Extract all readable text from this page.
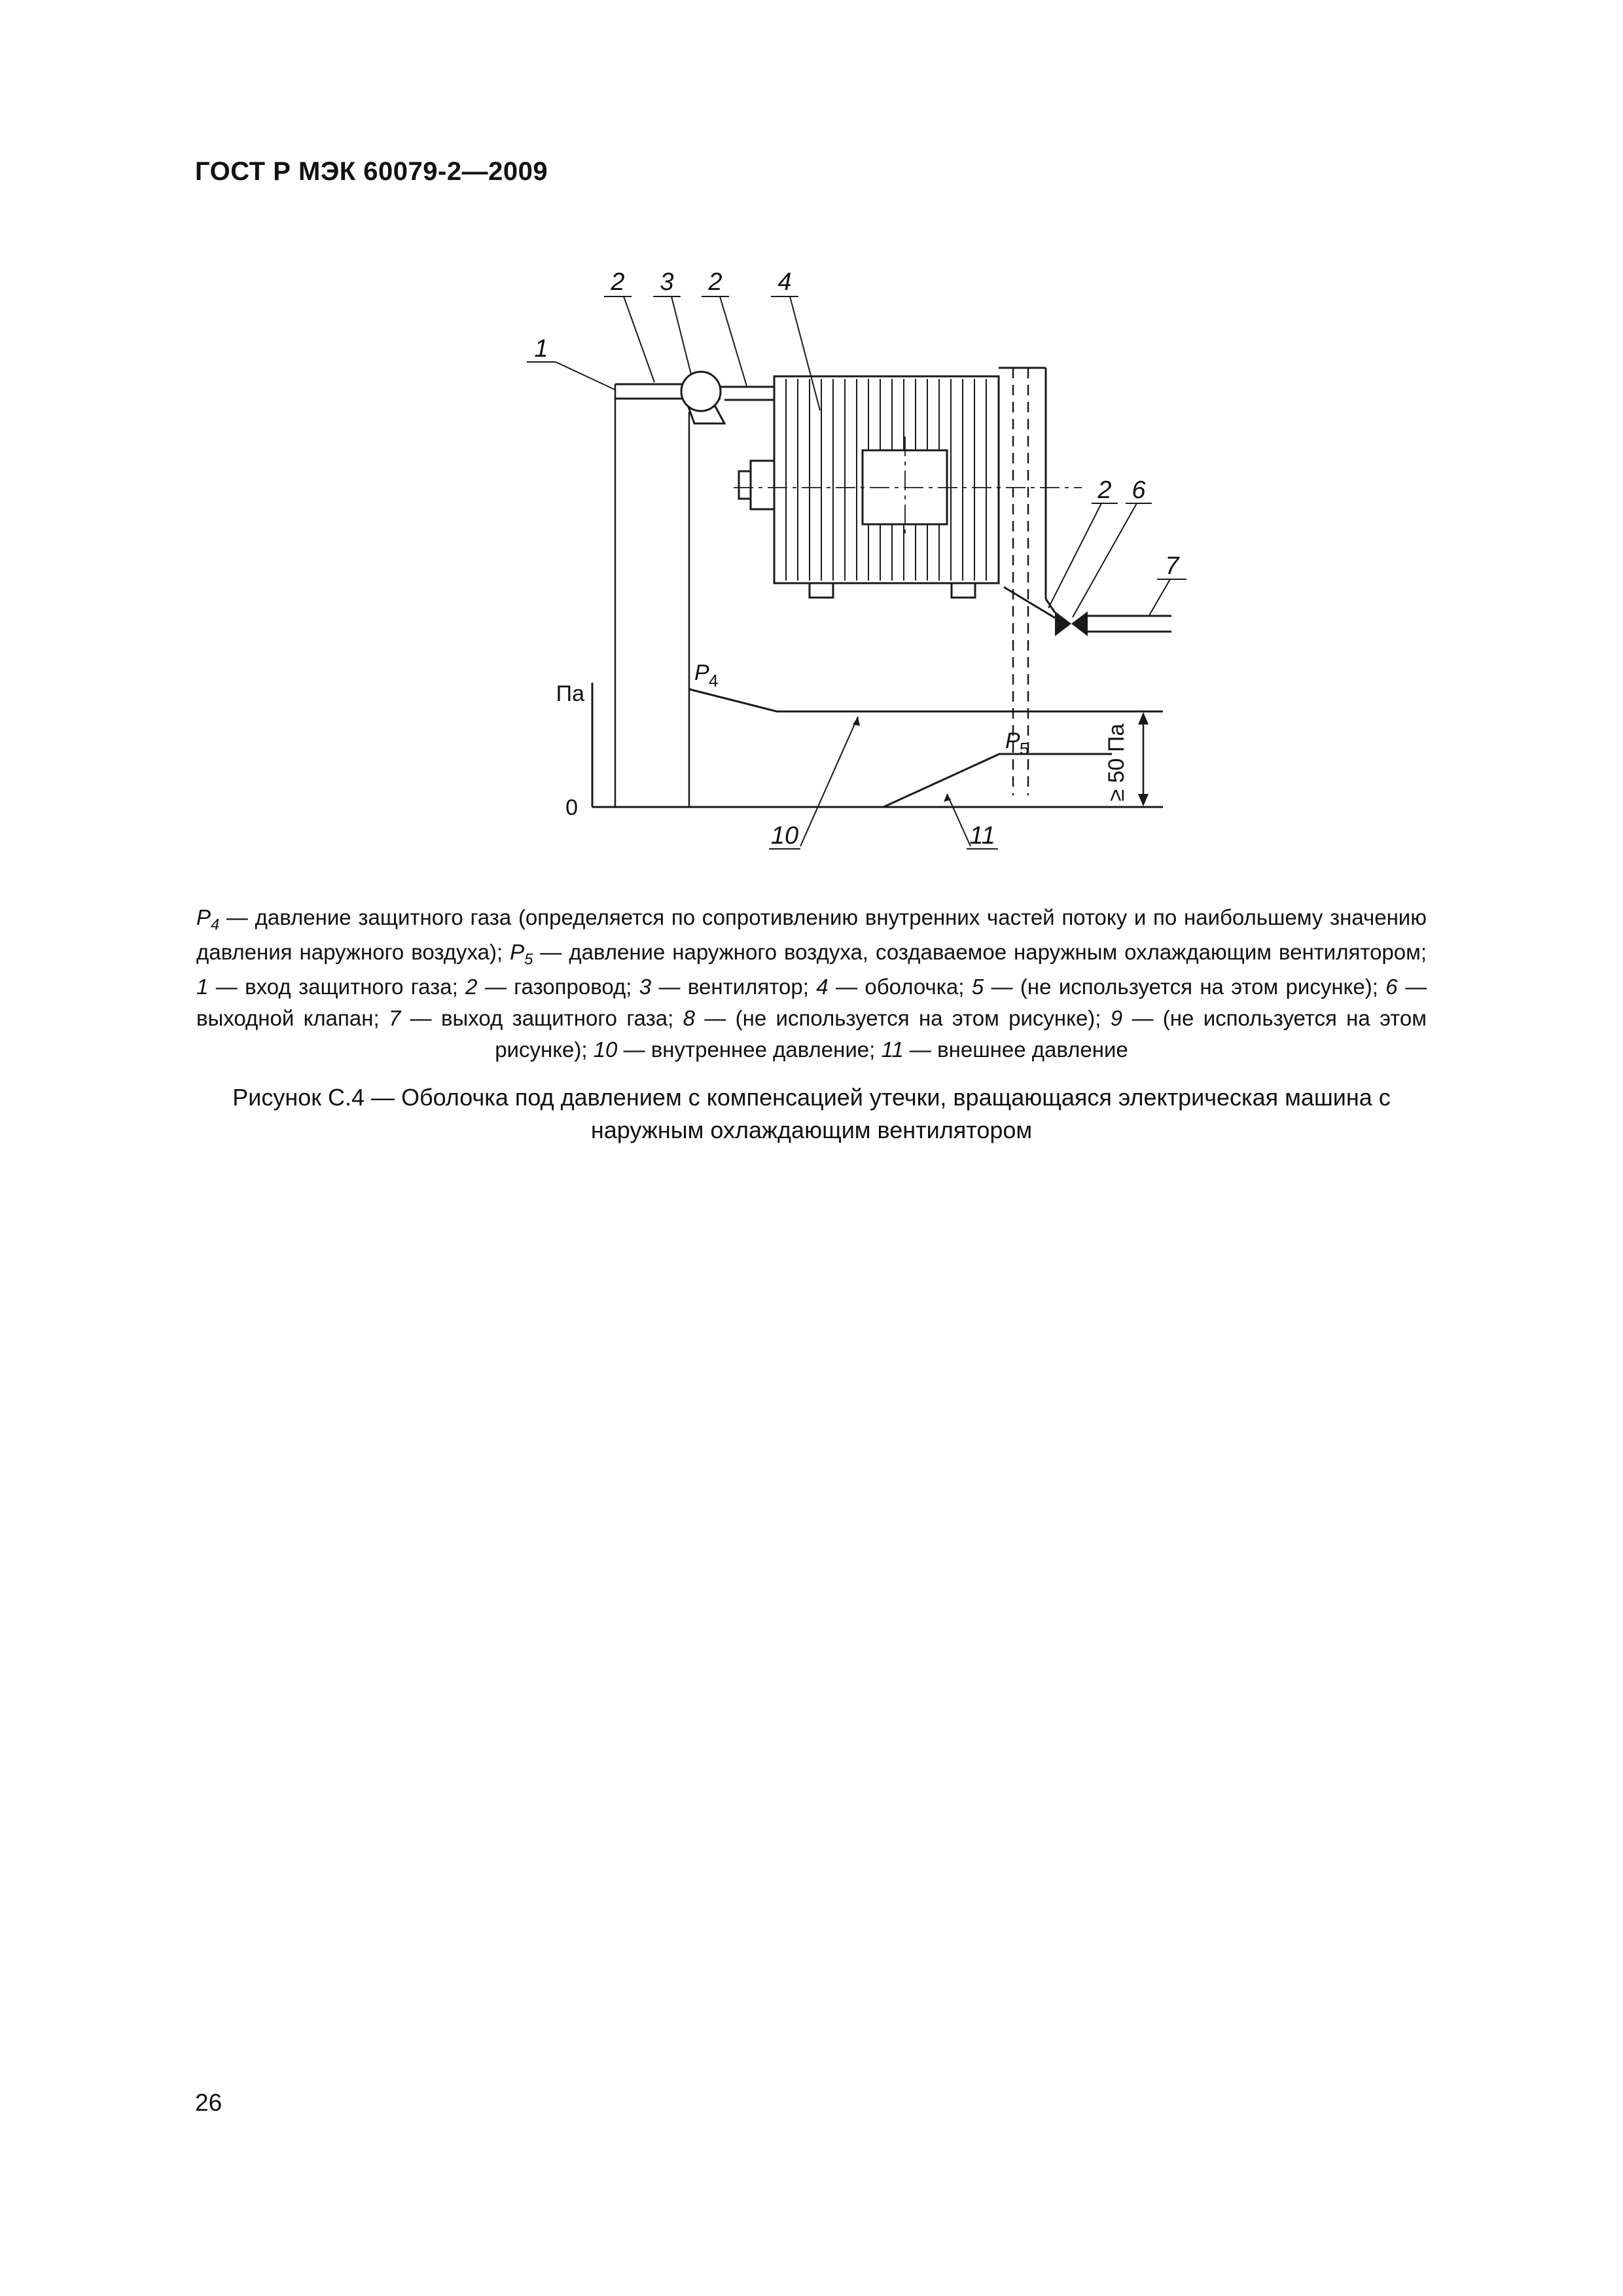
ГОСТ Р МЭК 60079-2—2009
1
2 3 2 4
2 6
7
10	11
Па
0
P 4
P 5	≥ 50 Па

$P_4$ — давление защитного газа (определяется по сопротивлению внутренних частей потоку и по наибольшему значению давления наружного воздуха); $P_5$ — давление наружного воздуха, создаваемое наружным охлаждающим вентилятором; 1 — вход защитного газа; 2 — газопровод; 3 — вентилятор; 4 — оболочка; 5 — (не используется на этом рисунке); 6 — выходной клапан; 7 — выход защитного газа; 8 — (не используется на этом рисунке); 9 — (не используется на этом рисунке); 10 — внутреннее давление; 11 — внешнее давление

Рисунок С.4 — Оболочка под давлением с компенсацией утечки, вращающаяся электрическая машина с наружным охлаждающим вентилятором

26
